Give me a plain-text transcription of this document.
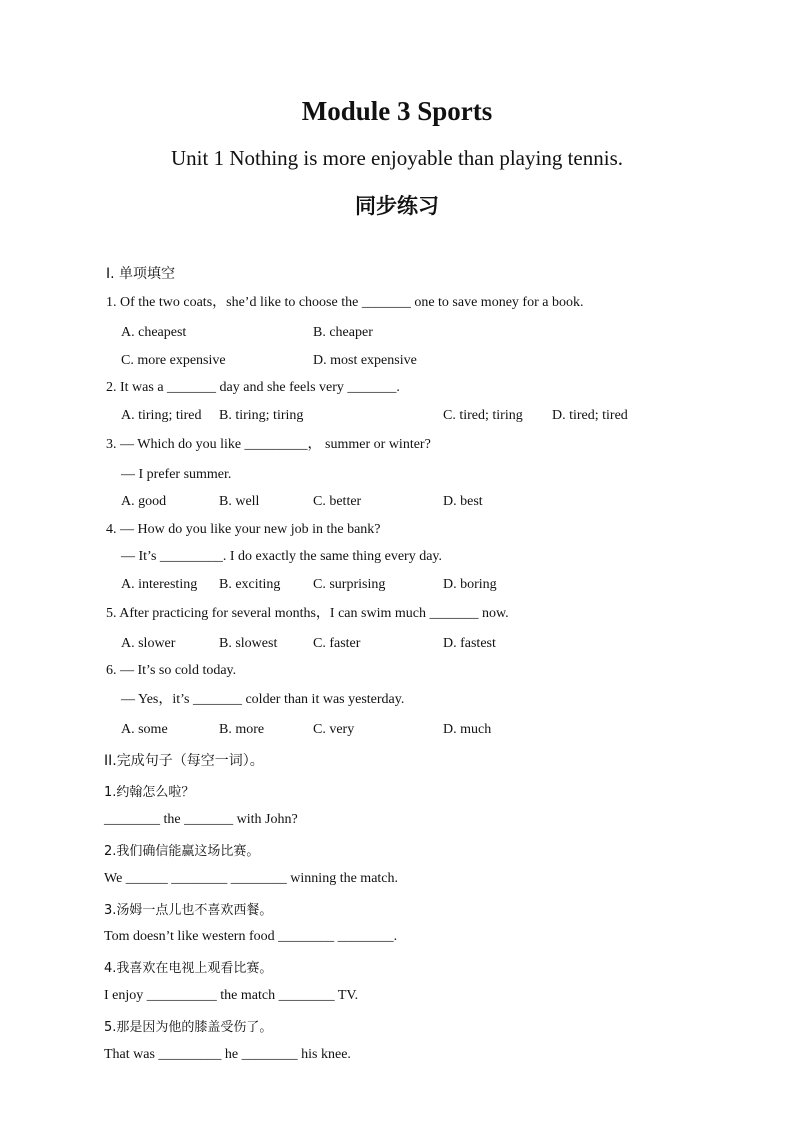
Module 3 Sports
Unit 1 Nothing is more enjoyable than playing tennis.
同步练习
I. 单项填空
1. Of the two coats，she’d like to choose the _______ one to save money for a book.
A. cheapest	B. cheaper
C. more expensive	D. most expensive
2. It was a _______ day and she feels very _______.
A. tiring; tired B. tiring; tiring	C. tired; tiring D. tired; tired
3. — Which do you like _________， summer or winter?
— I prefer summer.
A. good	B. well	C. better	D. best
4. — How do you like your new job in the bank?
— It’s _________. I do exactly the same thing every day.
A. interesting B. exciting C. surprising	D. boring
5. After practicing for several months，I can swim much _______ now.
A. slower	B. slowest	C. faster	D. fastest
6. — It’s so cold today.
— Yes，it’s _______ colder than it was yesterday.
A. some	B. more	C. very	D. much
II.完成句子（每空一词）。
1.约翰怎么啦？
________ the _______ with John?
2.我们确信能赢这场比赛。
We ______ ________ ________ winning the match.
3.汤姆一点儿也不喜欢西餐。
Tom doesn’t like western food ________ ________.
4.我喜欢在电视上观看比赛。
I enjoy __________ the match ________ TV.
5.那是因为他的膝盖受伤了。
That was _________ he ________ his knee.
